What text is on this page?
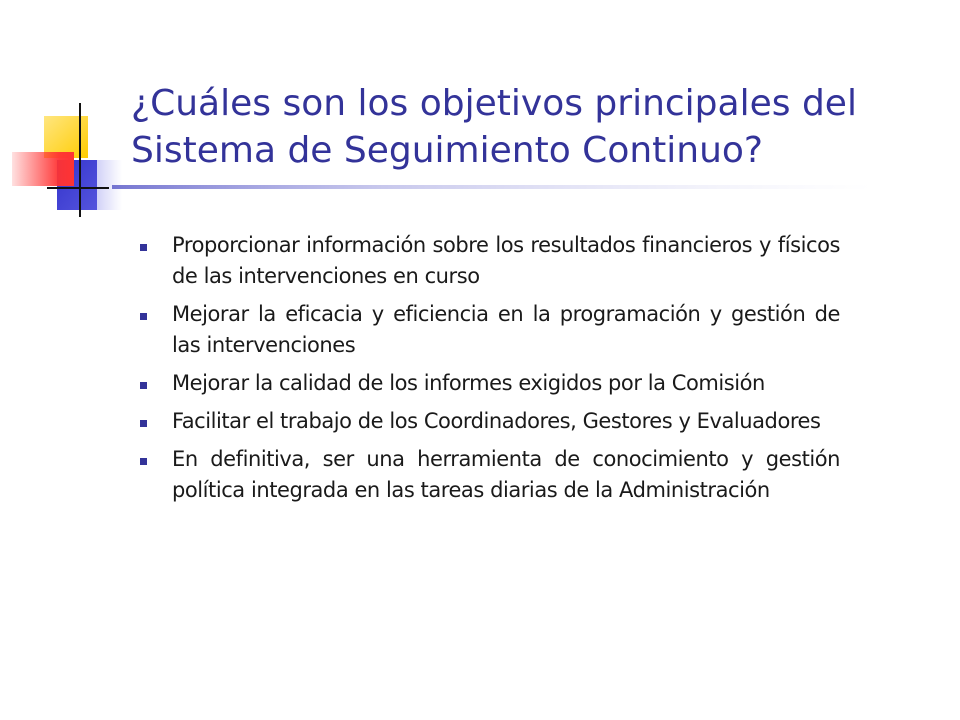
¿Cuáles son los objetivos principales del Sistema de Seguimiento Continuo?
Proporcionar información sobre los resultados financieros y físicos de las intervenciones en curso
Mejorar la eficacia y eficiencia en la programación y gestión de las intervenciones
Mejorar la calidad de los informes exigidos por la Comisión
Facilitar el trabajo de los Coordinadores, Gestores y Evaluadores
En definitiva, ser una herramienta de conocimiento y gestión política integrada en las tareas diarias de la Administración
